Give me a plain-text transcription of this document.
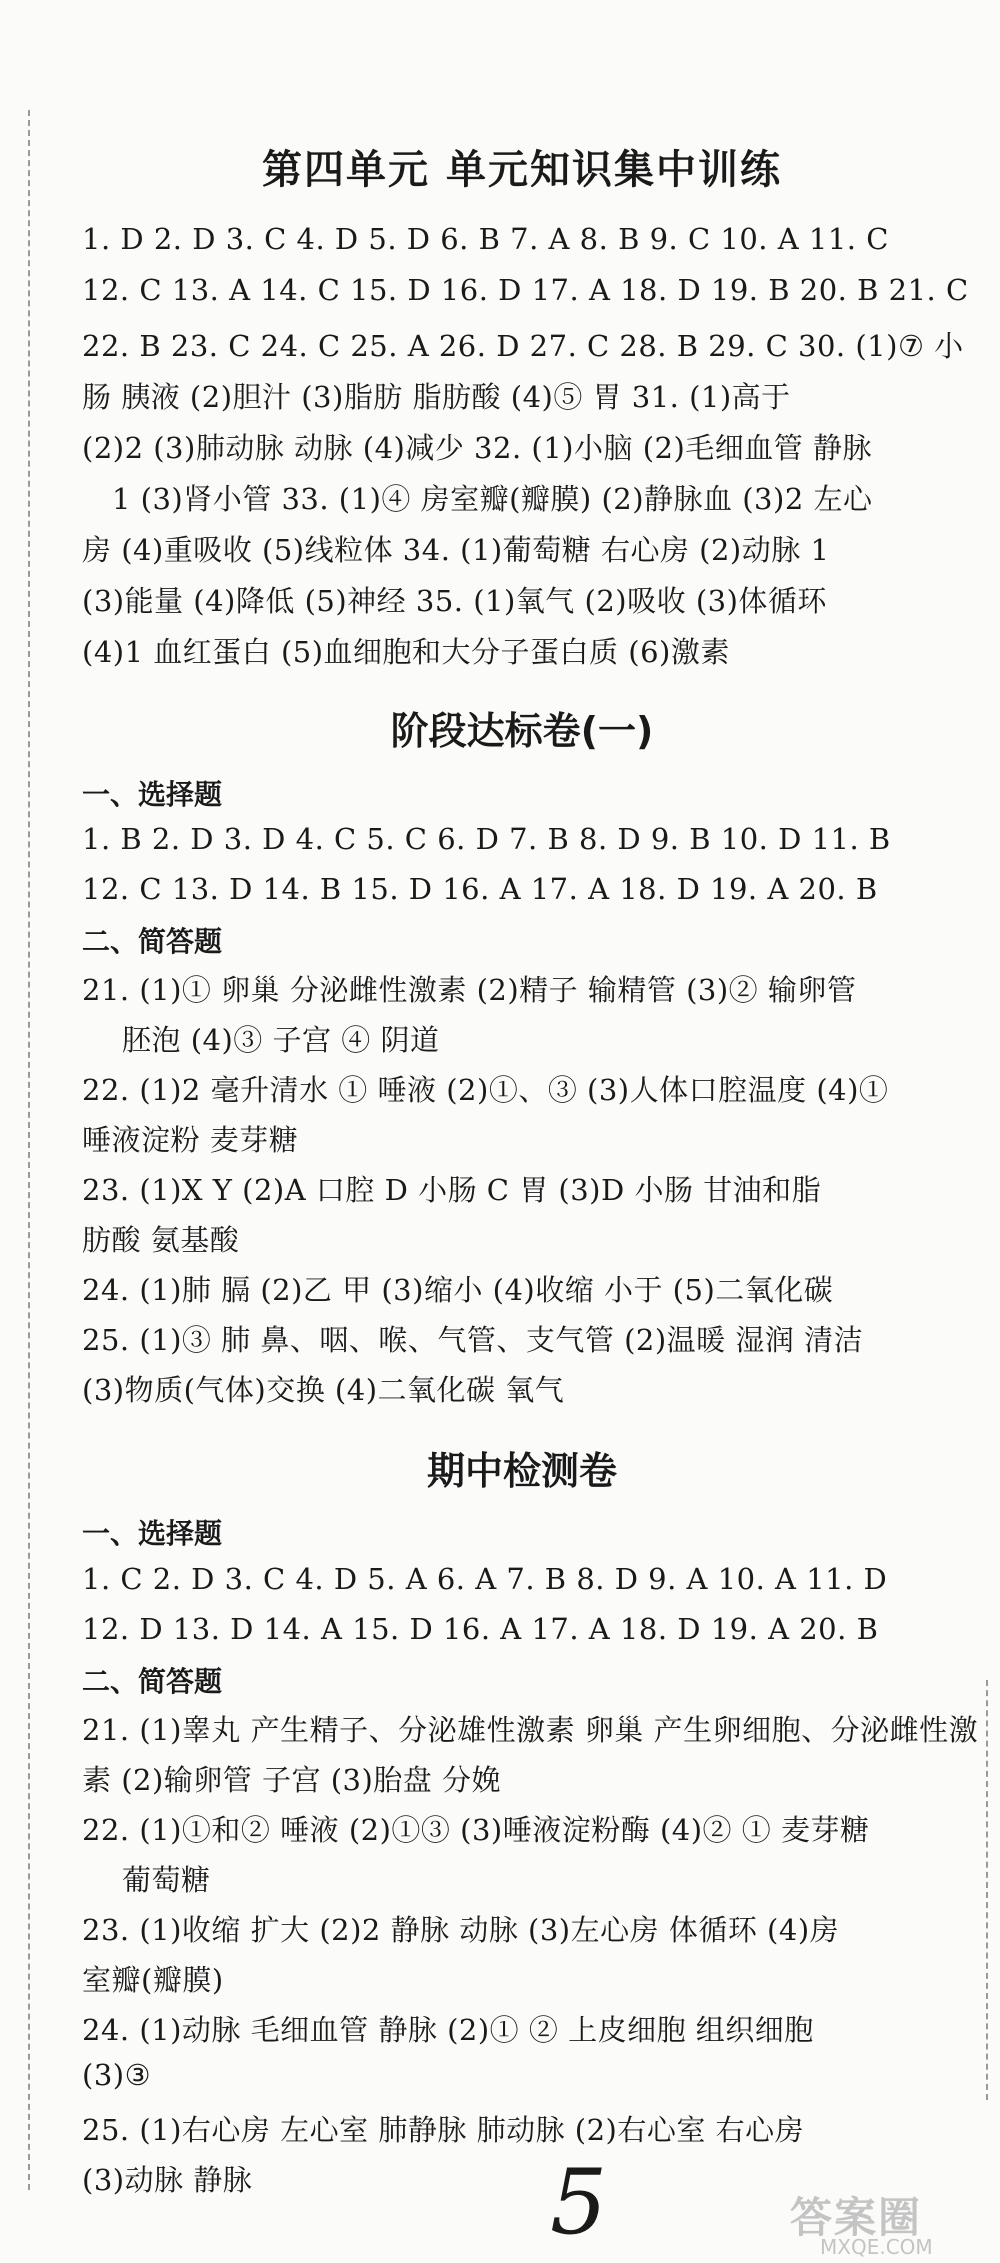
第四单元 单元知识集中训练
1. D 2. D 3. C 4. D 5. D 6. B 7. A 8. B 9. C 10. A 11. C
12. C 13. A 14. C 15. D 16. D 17. A 18. D 19. B 20. B 21. C
22. B 23. C 24. C 25. A 26. D 27. C 28. B 29. C 30. (1)⑦ 小
肠 胰液 (2)胆汁 (3)脂肪 脂肪酸 (4)⑤ 胃 31. (1)高于
(2)2 (3)肺动脉 动脉 (4)减少 32. (1)小脑 (2)毛细血管 静脉
1 (3)肾小管 33. (1)④ 房室瓣(瓣膜) (2)静脉血 (3)2 左心
房 (4)重吸收 (5)线粒体 34. (1)葡萄糖 右心房 (2)动脉 1
(3)能量 (4)降低 (5)神经 35. (1)氧气 (2)吸收 (3)体循环
(4)1 血红蛋白 (5)血细胞和大分子蛋白质 (6)激素
阶段达标卷(一)
一、选择题
1. B 2. D 3. D 4. C 5. C 6. D 7. B 8. D 9. B 10. D 11. B
12. C 13. D 14. B 15. D 16. A 17. A 18. D 19. A 20. B
二、简答题
21. (1)① 卵巢 分泌雌性激素 (2)精子 输精管 (3)② 输卵管
胚泡 (4)③ 子宫 ④ 阴道
22. (1)2 毫升清水 ① 唾液 (2)①、③ (3)人体口腔温度 (4)①
唾液淀粉 麦芽糖
23. (1)X Y (2)A 口腔 D 小肠 C 胃 (3)D 小肠 甘油和脂
肪酸 氨基酸
24. (1)肺 膈 (2)乙 甲 (3)缩小 (4)收缩 小于 (5)二氧化碳
25. (1)③ 肺 鼻、咽、喉、气管、支气管 (2)温暖 湿润 清洁
(3)物质(气体)交换 (4)二氧化碳 氧气
期中检测卷
一、选择题
1. C 2. D 3. C 4. D 5. A 6. A 7. B 8. D 9. A 10. A 11. D
12. D 13. D 14. A 15. D 16. A 17. A 18. D 19. A 20. B
二、简答题
21. (1)睾丸 产生精子、分泌雄性激素 卵巢 产生卵细胞、分泌雌性激
素 (2)输卵管 子宫 (3)胎盘 分娩
22. (1)①和② 唾液 (2)①③ (3)唾液淀粉酶 (4)② ① 麦芽糖
葡萄糖
23. (1)收缩 扩大 (2)2 静脉 动脉 (3)左心房 体循环 (4)房
室瓣(瓣膜)
24. (1)动脉 毛细血管 静脉 (2)① ② 上皮细胞 组织细胞
(3)③
25. (1)右心房 左心室 肺静脉 肺动脉 (2)右心室 右心房
(3)动脉 静脉	5	答案圈
MXQE.COM
